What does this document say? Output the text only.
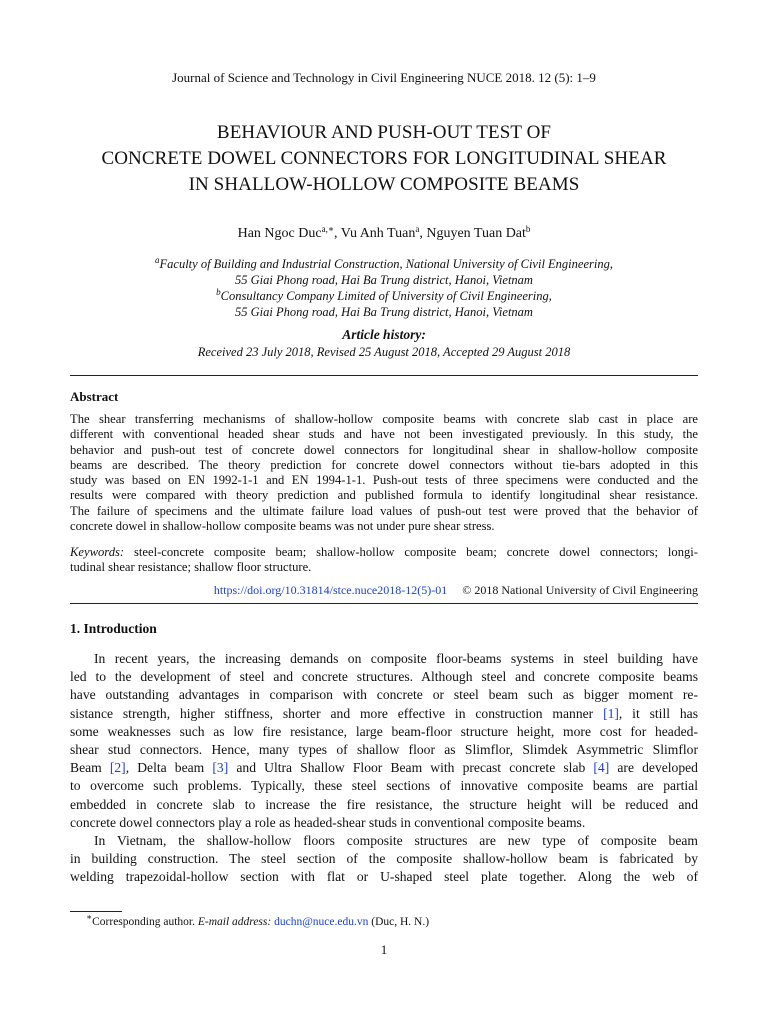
Journal of Science and Technology in Civil Engineering NUCE 2018. 12 (5): 1–9
BEHAVIOUR AND PUSH-OUT TEST OF
CONCRETE DOWEL CONNECTORS FOR LONGITUDINAL SHEAR
IN SHALLOW-HOLLOW COMPOSITE BEAMS
Han Ngoc Duc$^{a,∗}$, Vu Anh Tuan$^a$, Nguyen Tuan Dat$^b$
$^a$Faculty of Building and Industrial Construction, National University of Civil Engineering,
55 Giai Phong road, Hai Ba Trung district, Hanoi, Vietnam
$^b$Consultancy Company Limited of University of Civil Engineering,
55 Giai Phong road, Hai Ba Trung district, Hanoi, Vietnam
Article history:
Received 23 July 2018, Revised 25 August 2018, Accepted 29 August 2018
Abstract
The shear transferring mechanisms of shallow-hollow composite beams with concrete slab cast in place are
different with conventional headed shear studs and have not been investigated previously. In this study, the
behavior and push-out test of concrete dowel connectors for longitudinal shear in shallow-hollow composite
beams are described. The theory prediction for concrete dowel connectors without tie-bars adopted in this
study was based on EN 1992-1-1 and EN 1994-1-1. Push-out tests of three specimens were conducted and the
results were compared with theory prediction and published formula to identify longitudinal shear resistance.
The failure of specimens and the ultimate failure load values of push-out test were proved that the behavior of
concrete dowel in shallow-hollow composite beams was not under pure shear stress.
Keywords: steel-concrete composite beam; shallow-hollow composite beam; concrete dowel connectors; longi-
tudinal shear resistance; shallow floor structure.
https://doi.org/10.31814/stce.nuce2018-12(5)-01 © 2018 National University of Civil Engineering
1. Introduction
In recent years, the increasing demands on composite floor-beams systems in steel building have
led to the development of steel and concrete structures. Although steel and concrete composite beams
have outstanding advantages in comparison with concrete or steel beam such as bigger moment re-
sistance strength, higher stiffness, shorter and more effective in construction manner [1], it still has
some weaknesses such as low fire resistance, large beam-floor structure height, more cost for headed-
shear stud connectors. Hence, many types of shallow floor as Slimflor, Slimdek Asymmetric Slimflor
Beam [2], Delta beam [3] and Ultra Shallow Floor Beam with precast concrete slab [4] are developed
to overcome such problems. Typically, these steel sections of innovative composite beams are partial
embedded in concrete slab to increase the fire resistance, the structure height will be reduced and
concrete dowel connectors play a role as headed-shear studs in conventional composite beams.
In Vietnam, the shallow-hollow floors composite structures are new type of composite beam
in building construction. The steel section of the composite shallow-hollow beam is fabricated by
welding trapezoidal-hollow section with flat or U-shaped steel plate together. Along the web of
∗Corresponding author. E-mail address: duchn@nuce.edu.vn (Duc, H. N.)
1
